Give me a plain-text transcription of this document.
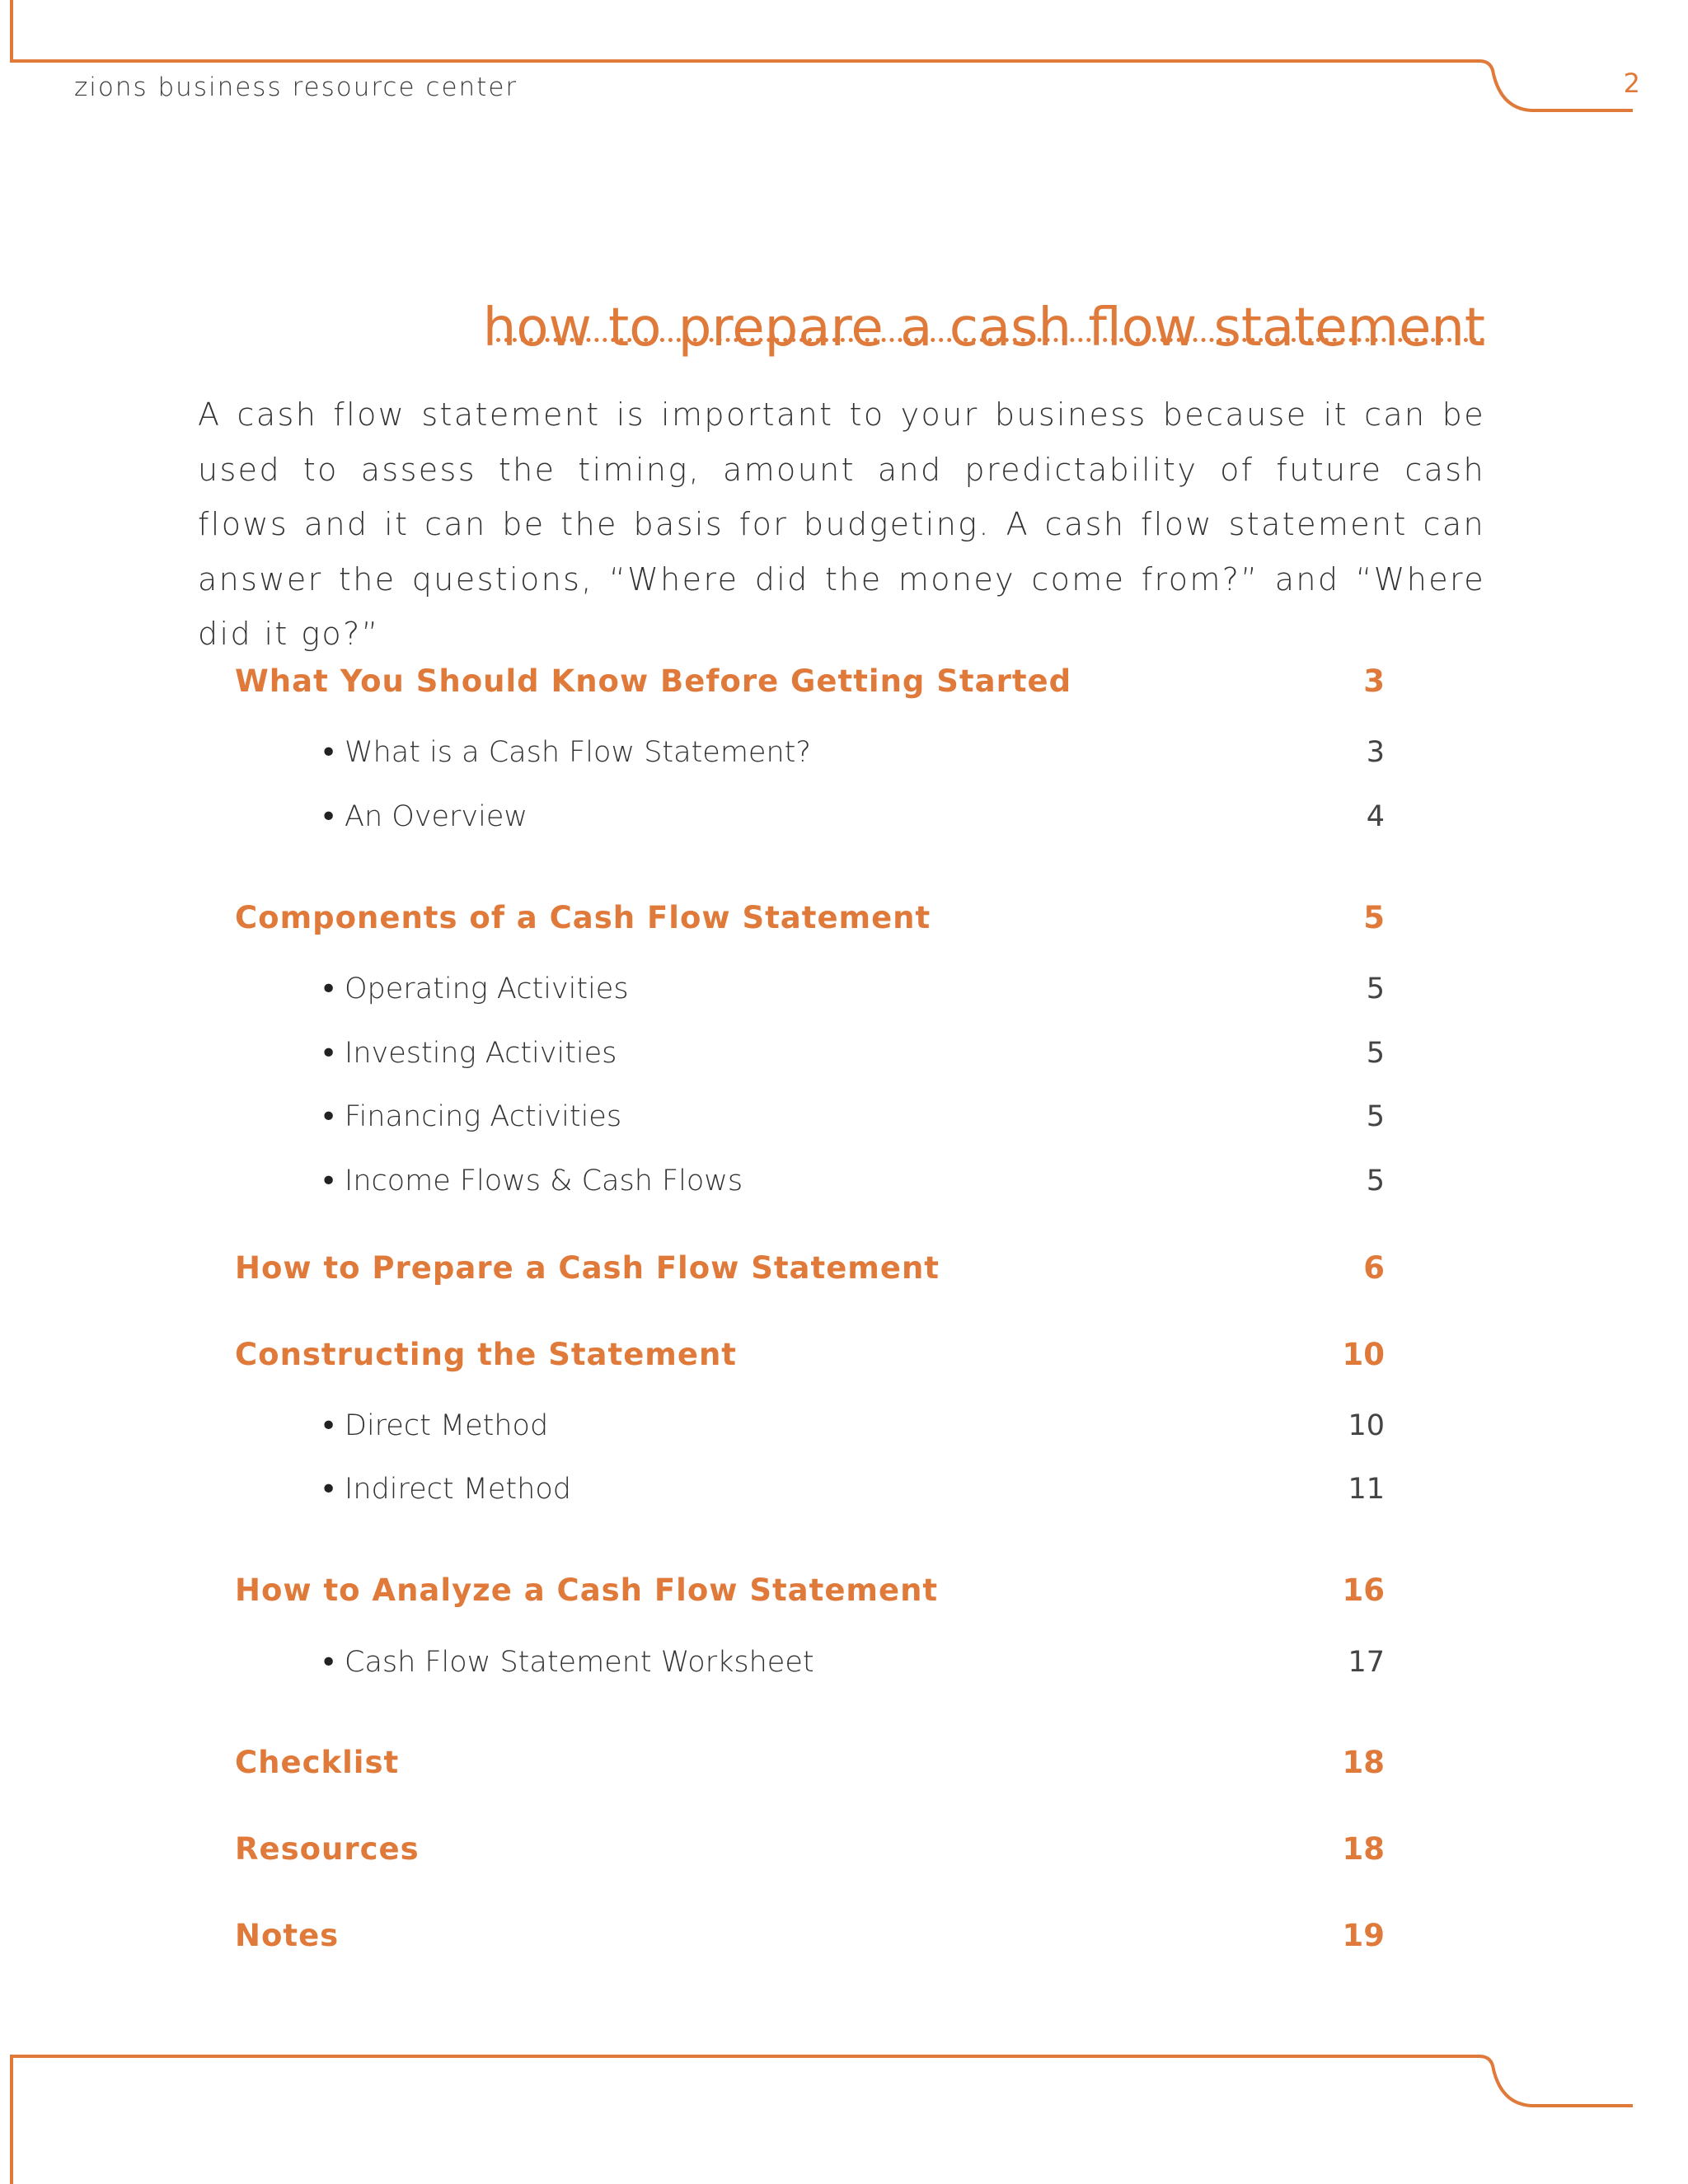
zions business resource center	2
how to prepare a cash flow statement

A cash flow statement is important to your business because it can be used to assess the timing, amount and predictability of future cash flows and it can be the basis for budgeting. A cash flow statement can answer the questions, “Where did the money come from?” and “Where did it go?”

What You Should Know Before Getting Started	3
• What is a Cash Flow Statement?	3
• An Overview	4
Components of a Cash Flow Statement	5
• Operating Activities	5
• Investing Activities	5
• Financing Activities	5
• Income Flows & Cash Flows	5
How to Prepare a Cash Flow Statement	6
Constructing the Statement	10
• Direct Method	10
• Indirect Method	11
How to Analyze a Cash Flow Statement	16
• Cash Flow Statement Worksheet	17
Checklist	18
Resources	18
Notes	19
